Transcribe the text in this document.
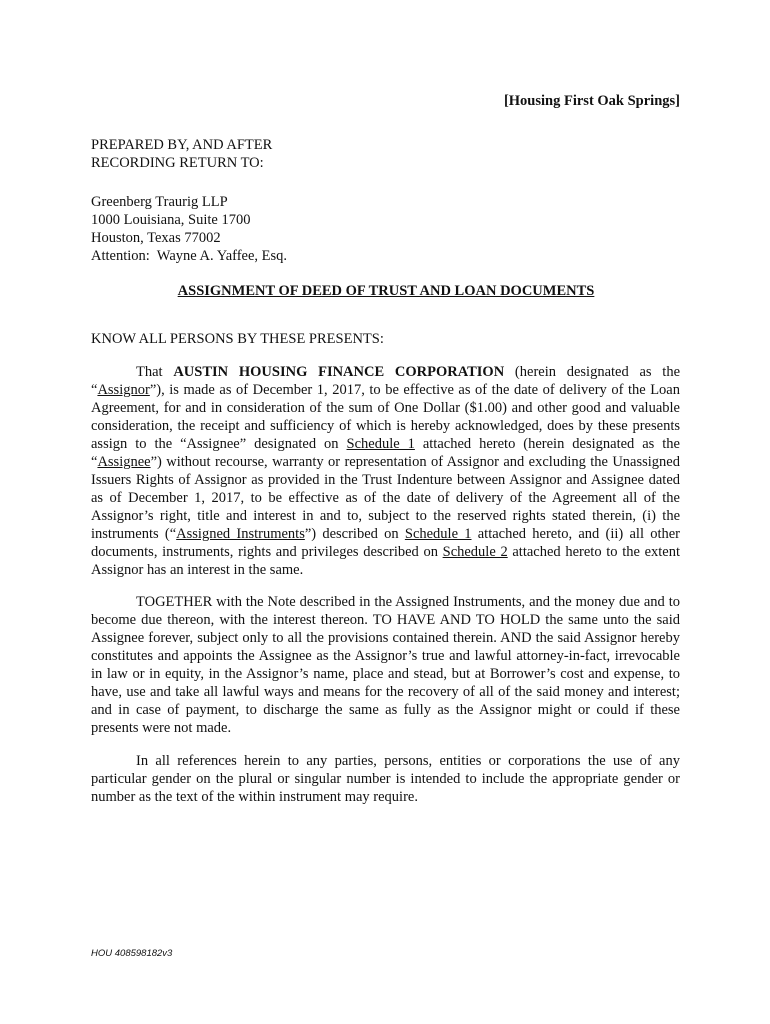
[Housing First Oak Springs]
PREPARED BY, AND AFTER
RECORDING RETURN TO:
Greenberg Traurig LLP
1000 Louisiana, Suite 1700
Houston, Texas 77002
Attention:  Wayne A. Yaffee, Esq.
ASSIGNMENT OF DEED OF TRUST AND LOAN DOCUMENTS
KNOW ALL PERSONS BY THESE PRESENTS:
That AUSTIN HOUSING FINANCE CORPORATION (herein designated as the “Assignor”), is made as of December 1, 2017, to be effective as of the date of delivery of the Loan Agreement, for and in consideration of the sum of One Dollar ($1.00) and other good and valuable consideration, the receipt and sufficiency of which is hereby acknowledged, does by these presents assign to the “Assignee” designated on Schedule 1 attached hereto (herein designated as the “Assignee”) without recourse, warranty or representation of Assignor and excluding the Unassigned Issuers Rights of Assignor as provided in the Trust Indenture between Assignor and Assignee dated as of December 1, 2017, to be effective as of the date of delivery of the Agreement all of the Assignor’s right, title and interest in and to, subject to the reserved rights stated therein, (i) the instruments (“Assigned Instruments”) described on Schedule 1 attached hereto, and (ii) all other documents, instruments, rights and privileges described on Schedule 2 attached hereto to the extent Assignor has an interest in the same.
TOGETHER with the Note described in the Assigned Instruments, and the money due and to become due thereon, with the interest thereon. TO HAVE AND TO HOLD the same unto the said Assignee forever, subject only to all the provisions contained therein. AND the said Assignor hereby constitutes and appoints the Assignee as the Assignor’s true and lawful attorney-in-fact, irrevocable in law or in equity, in the Assignor’s name, place and stead, but at Borrower’s cost and expense, to have, use and take all lawful ways and means for the recovery of all of the said money and interest; and in case of payment, to discharge the same as fully as the Assignor might or could if these presents were not made.
In all references herein to any parties, persons, entities or corporations the use of any particular gender on the plural or singular number is intended to include the appropriate gender or number as the text of the within instrument may require.
HOU 408598182v3
